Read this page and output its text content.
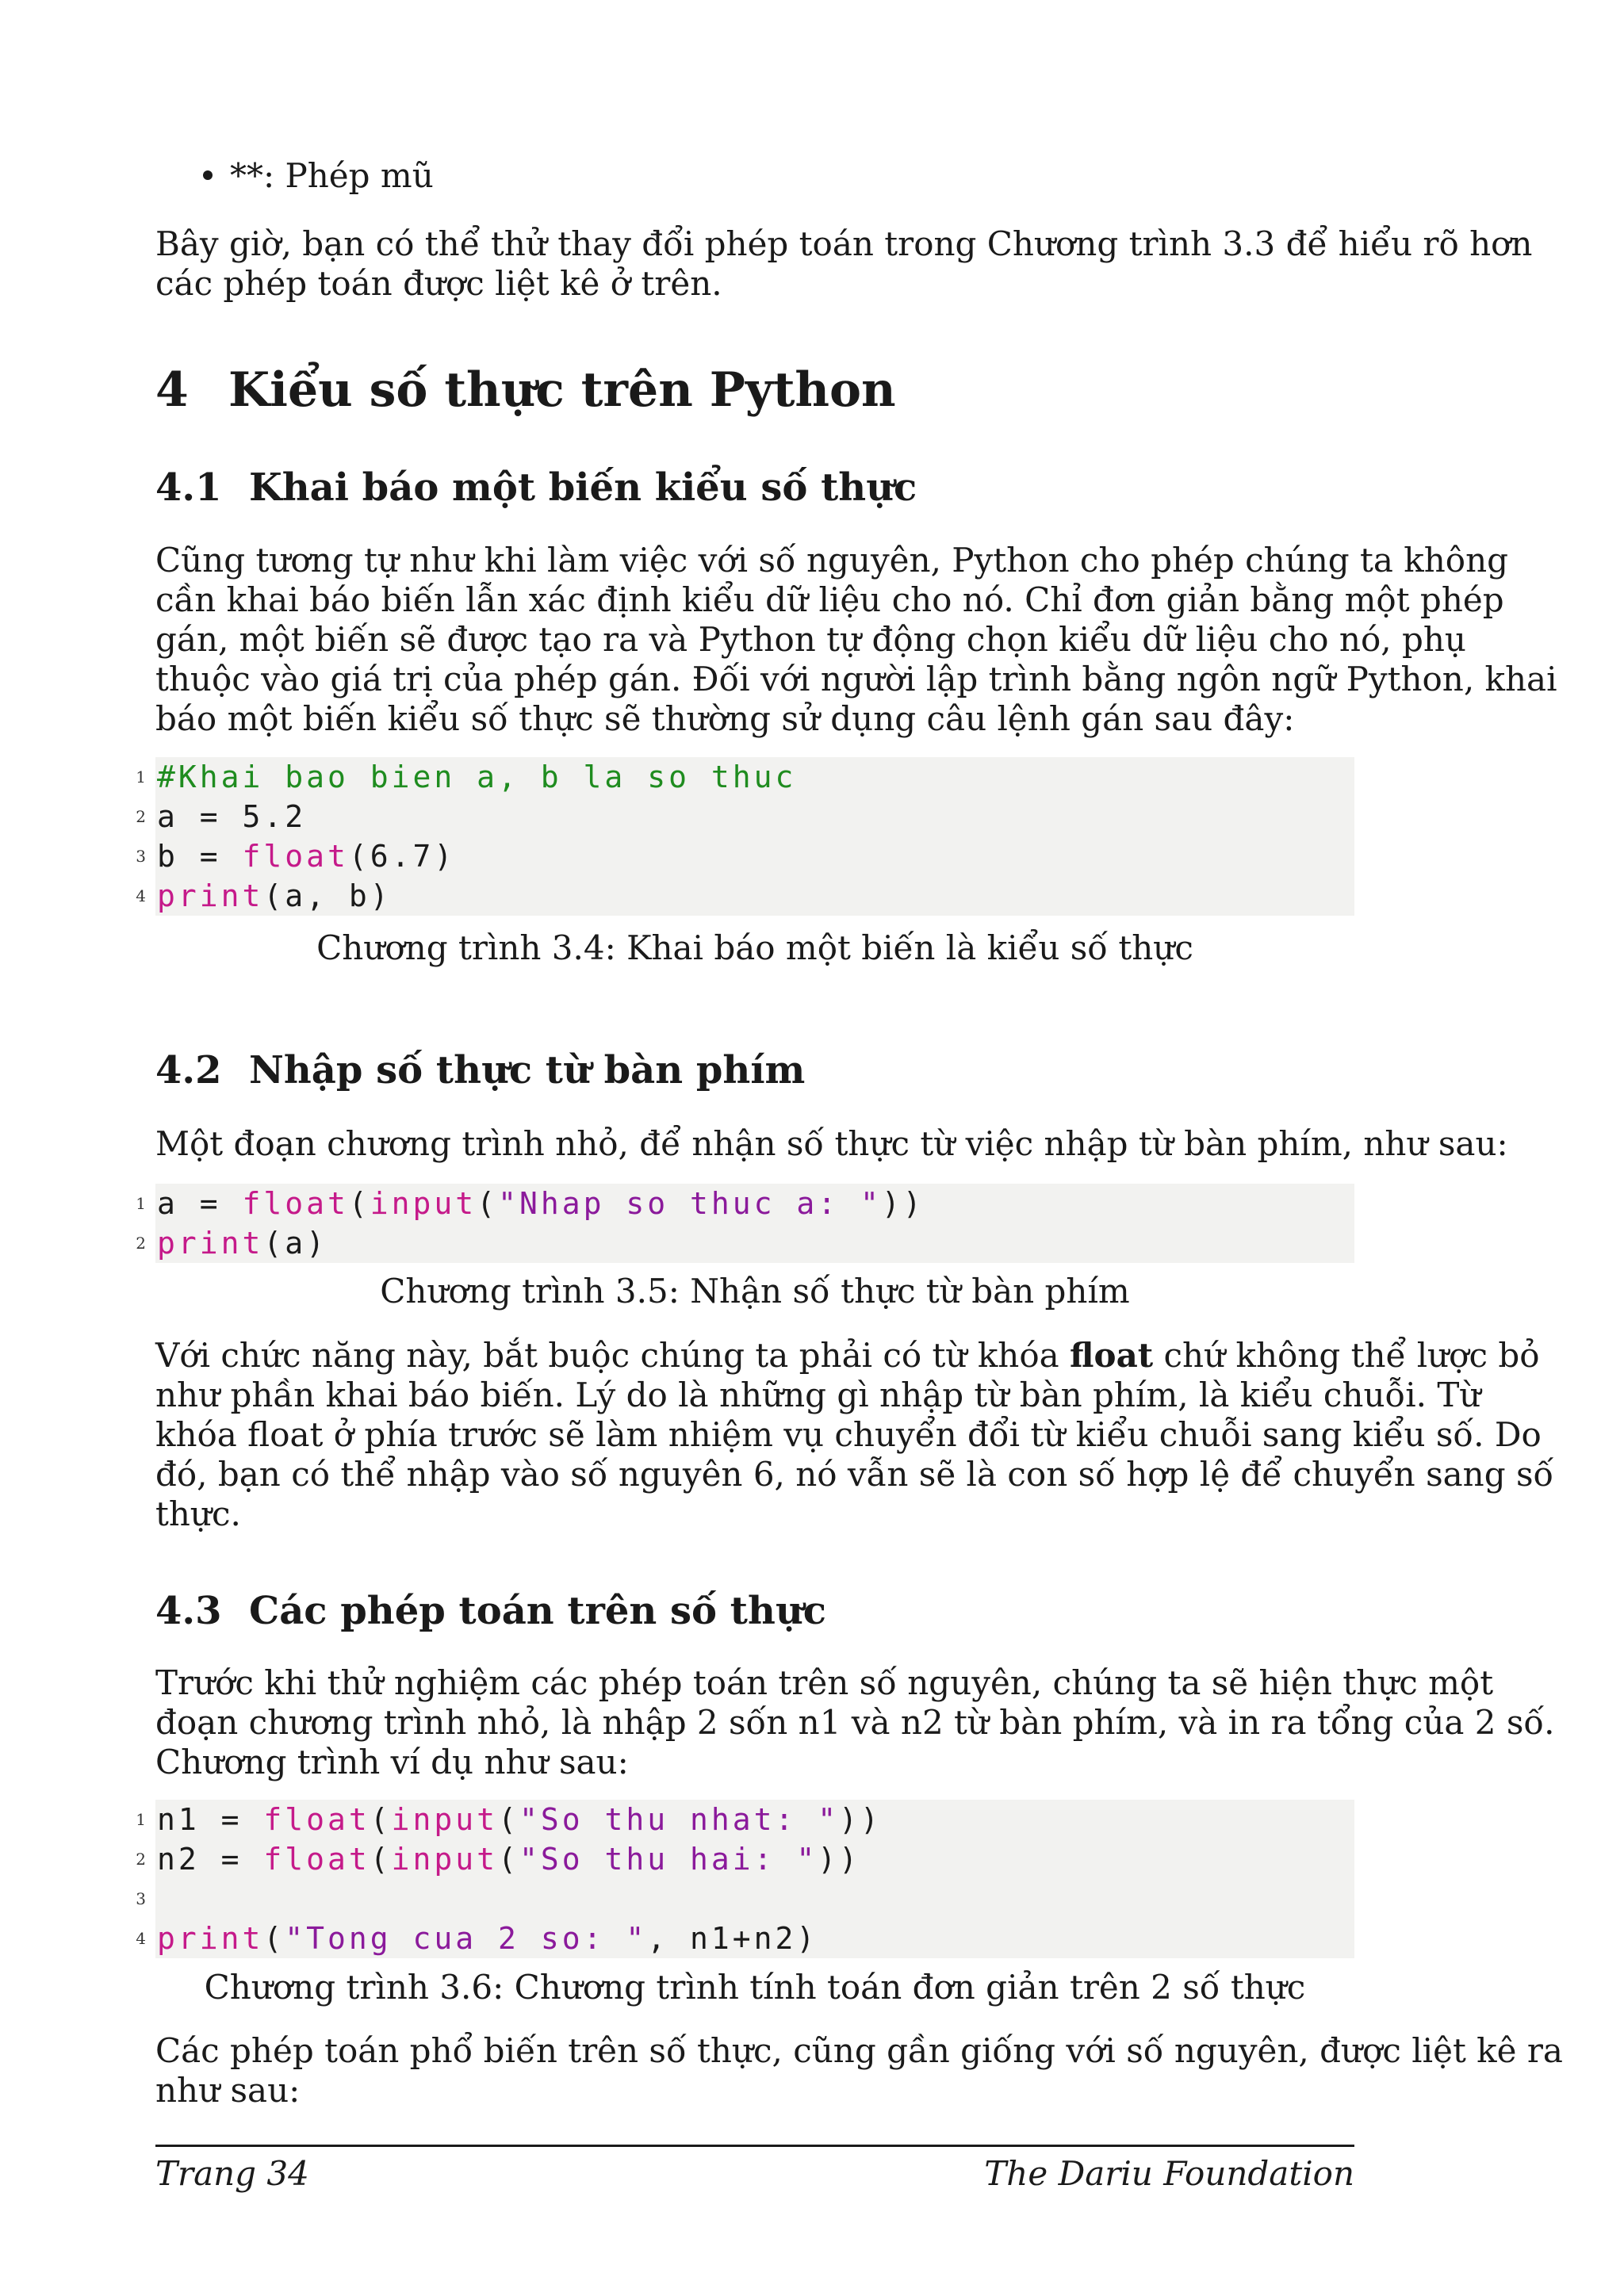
**: Phép mũ

Bây giờ, bạn có thể thử thay đổi phép toán trong Chương trình 3.3 để hiểu rõ hơn
các phép toán được liệt kê ở trên.

4 Kiểu số thực trên Python
4.1 Khai báo một biến kiểu số thực

Cũng tương tự như khi làm việc với số nguyên, Python cho phép chúng ta không
cần khai báo biến lẫn xác định kiểu dữ liệu cho nó. Chỉ đơn giản bằng một phép
gán, một biến sẽ được tạo ra và Python tự động chọn kiểu dữ liệu cho nó, phụ
thuộc vào giá trị của phép gán. Đối với người lập trình bằng ngôn ngữ Python, khai
báo một biến kiểu số thực sẽ thường sử dụng câu lệnh gán sau đây:

1 #Khai bao bien a, b la so thuc
2 a = 5.2
3 b = float(6.7)
4 print(a, b)

Chương trình 3.4: Khai báo một biến là kiểu số thực

4.2 Nhập số thực từ bàn phím

Một đoạn chương trình nhỏ, để nhận số thực từ việc nhập từ bàn phím, như sau:

1 a = float(input("Nhap so thuc a: "))
2 print(a)

Chương trình 3.5: Nhận số thực từ bàn phím

Với chức năng này, bắt buộc chúng ta phải có từ khóa float chứ không thể lược bỏ
như phần khai báo biến. Lý do là những gì nhập từ bàn phím, là kiểu chuỗi. Từ
khóa float ở phía trước sẽ làm nhiệm vụ chuyển đổi từ kiểu chuỗi sang kiểu số. Do
đó, bạn có thể nhập vào số nguyên 6, nó vẫn sẽ là con số hợp lệ để chuyển sang số
thực.

4.3 Các phép toán trên số thực

Trước khi thử nghiệm các phép toán trên số nguyên, chúng ta sẽ hiện thực một
đoạn chương trình nhỏ, là nhập 2 sốn n1 và n2 từ bàn phím, và in ra tổng của 2 số.
Chương trình ví dụ như sau:

1 n1 = float(input("So thu nhat: "))
2 n2 = float(input("So thu hai: "))
3
4 print("Tong cua 2 so: ", n1+n2)

Chương trình 3.6: Chương trình tính toán đơn giản trên 2 số thực

Các phép toán phổ biến trên số thực, cũng gần giống với số nguyên, được liệt kê ra
như sau:

Trang 34	The Dariu Foundation
